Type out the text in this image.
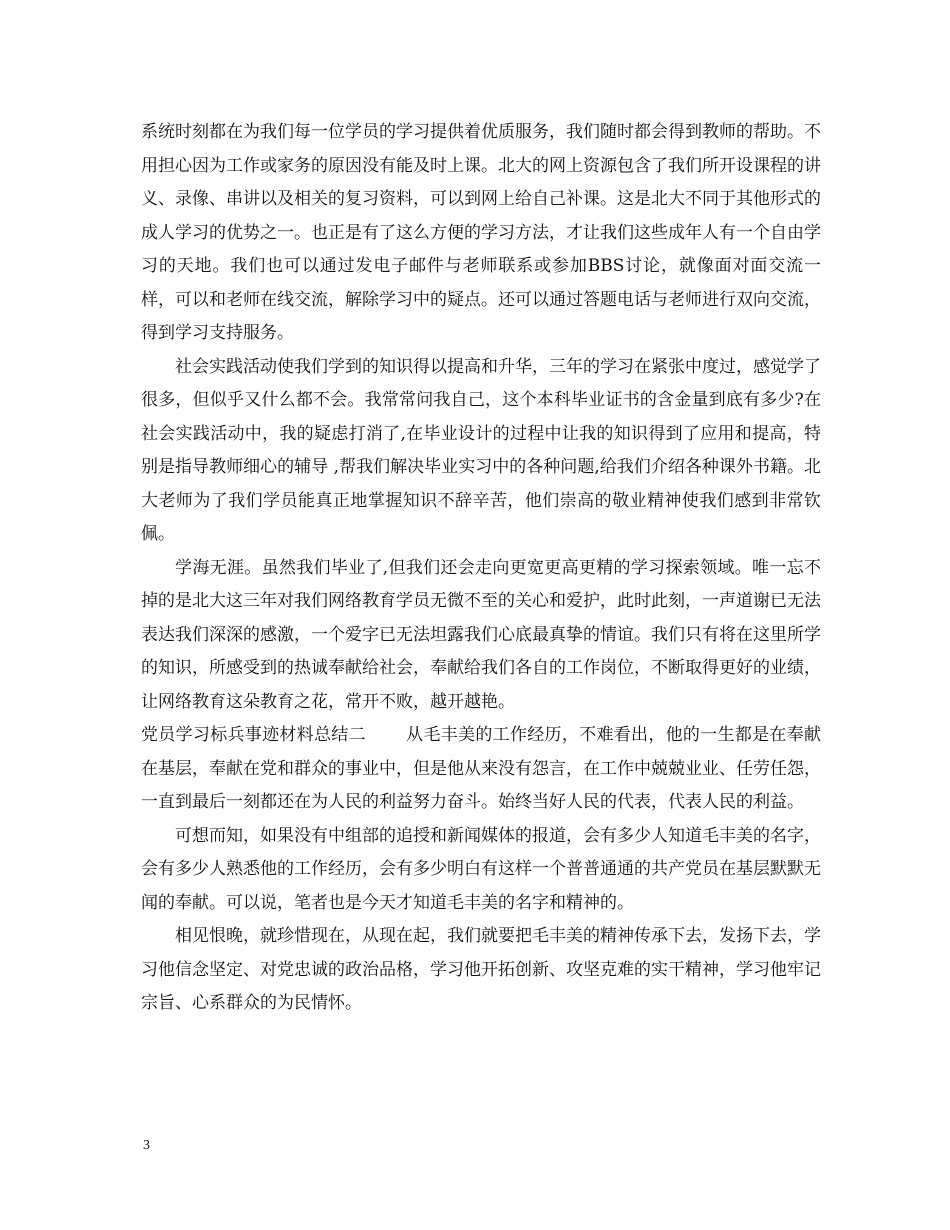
系统时刻都在为我们每一位学员的学习提供着优质服务，我们随时都会得到教师的帮助。不用担心因为工作或家务的原因没有能及时上课。北大的网上资源包含了我们所开设课程的讲义、录像、串讲以及相关的复习资料，可以到网上给自己补课。这是北大不同于其他形式的成人学习的优势之一。也正是有了这么方便的学习方法，才让我们这些成年人有一个自由学习的天地。我们也可以通过发电子邮件与老师联系或参加BBS讨论，就像面对面交流一样，可以和老师在线交流，解除学习中的疑点。还可以通过答题电话与老师进行双向交流，得到学习支持服务。

社会实践活动使我们学到的知识得以提高和升华，三年的学习在紧张中度过，感觉学了很多，但似乎又什么都不会。我常常问我自己，这个本科毕业证书的含金量到底有多少?在社会实践活动中，我的疑虑打消了,在毕业设计的过程中让我的知识得到了应用和提高，特别是指导教师细心的辅导 ,帮我们解决毕业实习中的各种问题,给我们介绍各种课外书籍。北大老师为了我们学员能真正地掌握知识不辞辛苦，他们崇高的敬业精神使我们感到非常钦佩。

学海无涯。虽然我们毕业了,但我们还会走向更宽更高更精的学习探索领域。唯一忘不掉的是北大这三年对我们网络教育学员无微不至的关心和爱护，此时此刻，一声道谢已无法表达我们深深的感激，一个爱字已无法坦露我们心底最真挚的情谊。我们只有将在这里所学的知识，所感受到的热诚奉献给社会，奉献给我们各自的工作岗位，不断取得更好的业绩，让网络教育这朵教育之花，常开不败，越开越艳。

党员学习标兵事迹材料总结二 从毛丰美的工作经历，不难看出，他的一生都是在奉献在基层，奉献在党和群众的事业中，但是他从来没有怨言，在工作中兢兢业业、任劳任怨，一直到最后一刻都还在为人民的利益努力奋斗。始终当好人民的代表，代表人民的利益。

可想而知，如果没有中组部的追授和新闻媒体的报道，会有多少人知道毛丰美的名字，会有多少人熟悉他的工作经历，会有多少明白有这样一个普普通通的共产党员在基层默默无闻的奉献。可以说，笔者也是今天才知道毛丰美的名字和精神的。

相见恨晚，就珍惜现在，从现在起，我们就要把毛丰美的精神传承下去，发扬下去，学习他信念坚定、对党忠诚的政治品格，学习他开拓创新、攻坚克难的实干精神，学习他牢记宗旨、心系群众的为民情怀。

3
